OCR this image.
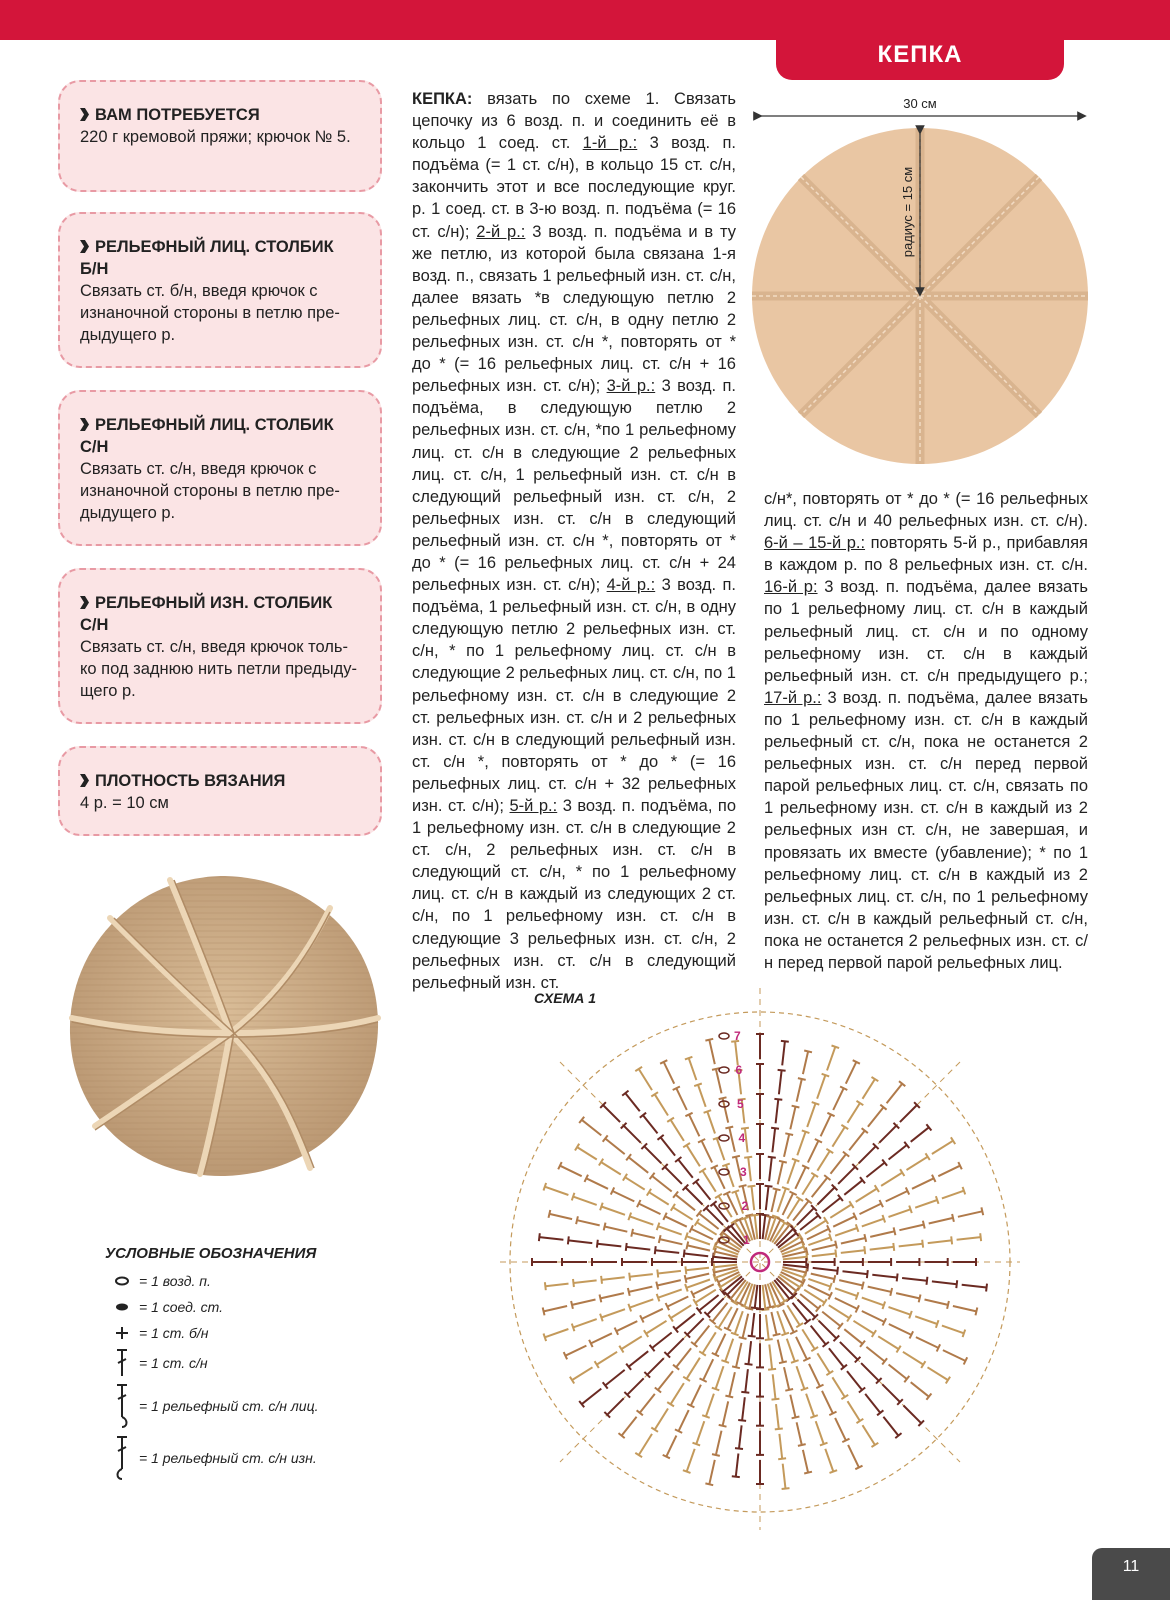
КЕПКА
ВАМ ПОТРЕБУЕТСЯ
220 г кремовой пряжи; крючок № 5.
РЕЛЬЕФНЫЙ ЛИЦ. СТОЛБИК
Б/Н
Связать ст. б/н, введя крючок с
изнаночной стороны в петлю пре-
дыдущего р.
РЕЛЬЕФНЫЙ ЛИЦ. СТОЛБИК
С/Н
Связать ст. с/н, введя крючок с
изнаночной стороны в петлю пре-
дыдущего р.
РЕЛЬЕФНЫЙ ИЗН. СТОЛБИК
С/Н
Связать ст. с/н, введя крючок толь-
ко под заднюю нить петли предыду-
щего р.
ПЛОТНОСТЬ ВЯЗАНИЯ
4 р. = 10 см

КЕПКА: вязать по схеме 1. Связать цепочку из 6 возд. п. и соединить её в кольцо 1 соед. ст. 1-й р.: 3 возд. п. подъёма (= 1 ст. с/н), в кольцо 15 ст. с/н, закончить этот и все последующие круг. р. 1 соед. ст. в 3-ю возд. п. подъёма (= 16 ст. с/н); 2-й р.: 3 возд. п. подъёма и в ту же петлю, из которой была связана 1-я возд. п., связать 1 рельефный изн. ст. с/н, далее вязать *в следующую петлю 2 рельефных лиц. ст. с/н, в одну петлю 2 рельефных изн. ст. с/н *, повторять от * до * (= 16 рельефных лиц. ст. с/н + 16 рельефных изн. ст. с/н); 3-й р.: 3 возд. п. подъёма, в следующую петлю 2 рельефных изн. ст. с/н, *по 1 рельефному лиц. ст. с/н в следующие 2 рельефных лиц. ст. с/н, 1 рельефный изн. ст. с/н в следующий рельефный изн. ст. с/н, 2 рельефных изн. ст. с/н в следующий рельефный изн. ст. с/н *, повторять от * до * (= 16 рельефных лиц. ст. с/н + 24 рельефных изн. ст. с/н); 4-й р.: 3 возд. п. подъёма, 1 рельефный изн. ст. с/н, в одну следующую петлю 2 рельефных изн. ст. с/н, * по 1 рельефному лиц. ст. с/н в следующие 2 рельефных лиц. ст. с/н, по 1 рельефному изн. ст. с/н в следующие 2 ст. рельефных изн. ст. с/н и 2 рельефных изн. ст. с/н в следующий рельефный изн. ст. с/н *, повторять от * до * (= 16 рельефных лиц. ст. с/н + 32 рельефных изн. ст. с/н); 5-й р.: 3 возд. п. подъёма, по 1 рельефному изн. ст. с/н в следующие 2 ст. с/н, 2 рельефных изн. ст. с/н в следующий ст. с/н, * по 1 рельефному лиц. ст. с/н в каждый из следующих 2 ст. с/н, по 1 рельефному изн. ст. с/н в следующие 3 рельефных изн. ст. с/н, 2 рельефных изн. ст. с/н в следующий рельефный изн. ст.

с/н*, повторять от * до * (= 16 рельефных лиц. ст. с/н и 40 рельефных изн. ст. с/н). 6-й – 15-й р.: повторять 5-й р., прибавляя в каждом р. по 8 рельефных изн. ст. с/н. 16-й р: 3 возд. п. подъёма, далее вязать по 1 рельефному лиц. ст. с/н в каждый рельефный лиц. ст. с/н и по одному рельефному изн. ст. с/н в каждый рельефный изн. ст. с/н предыдущего р.; 17-й р.: 3 возд. п. подъёма, далее вязать по 1 рельефному изн. ст. с/н в каждый рельефный ст. с/н, пока не останется 2 рельефных изн. ст. с/н перед первой парой рельефных лиц. ст. с/н, связать по 1 рельефному изн. ст. с/н в каждый из 2 рельефных изн ст. с/н, не завершая, и провязать их вместе (убавление); * по 1 рельефному лиц. ст. с/н в каждый из 2 рельефных лиц. ст. с/н, по 1 рельефному изн. ст. с/н в каждый рельефный ст. с/н, пока не останется 2 рельефных изн. ст. с/н перед первой парой рельефных лиц.

30 см
радиус = 15 см
СХЕМА 1
7
6
5
4
3
2
1
УСЛОВНЫЕ ОБОЗНАЧЕНИЯ
= 1 возд. п.
= 1 соед. ст.
= 1 ст. б/н
= 1 ст. с/н
= 1 рельефный ст. с/н лиц.
= 1 рельефный ст. с/н изн.
11
